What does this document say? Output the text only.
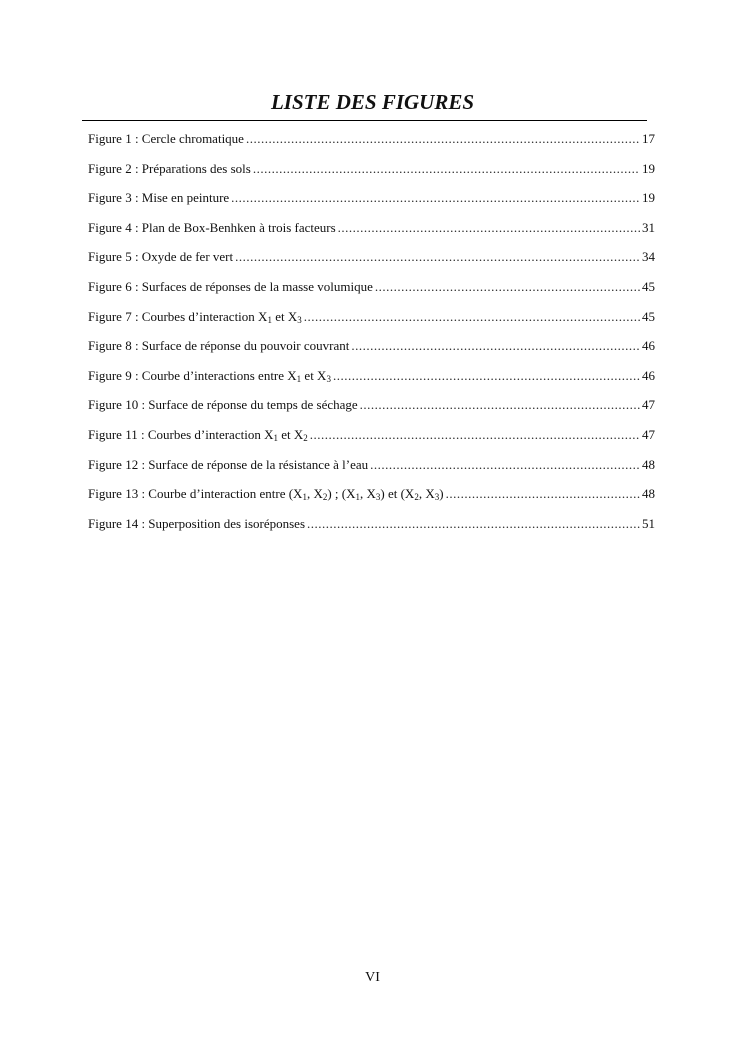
LISTE DES FIGURES
Figure 1 : Cercle chromatique .....	17
Figure 2 : Préparations des sols .....	19
Figure 3 : Mise en peinture .....	19
Figure 4 : Plan de Box-Benhken à trois facteurs .....	31
Figure 5 : Oxyde de fer vert .....	34
Figure 6 : Surfaces de réponses de la masse volumique .....	45
Figure 7 : Courbes d’interaction $X_1$ et $X_3$ .....	45
Figure 8 : Surface de réponse du pouvoir couvrant .....	46
Figure 9 : Courbe d’interactions entre $X_1$ et $X_3$ .....	46
Figure 10 : Surface de réponse du temps de séchage .....	47
Figure 11 : Courbes d’interaction $X_1$ et $X_2$ .....	47
Figure 12 : Surface de réponse de la résistance à l’eau .....	48
Figure 13 : Courbe d’interaction entre ($X_1$, $X_2$) ; ($X_1$, $X_3$) et ($X_2$, $X_3$) .....	48
Figure 14 : Superposition des isoréponses .....	51
VI
